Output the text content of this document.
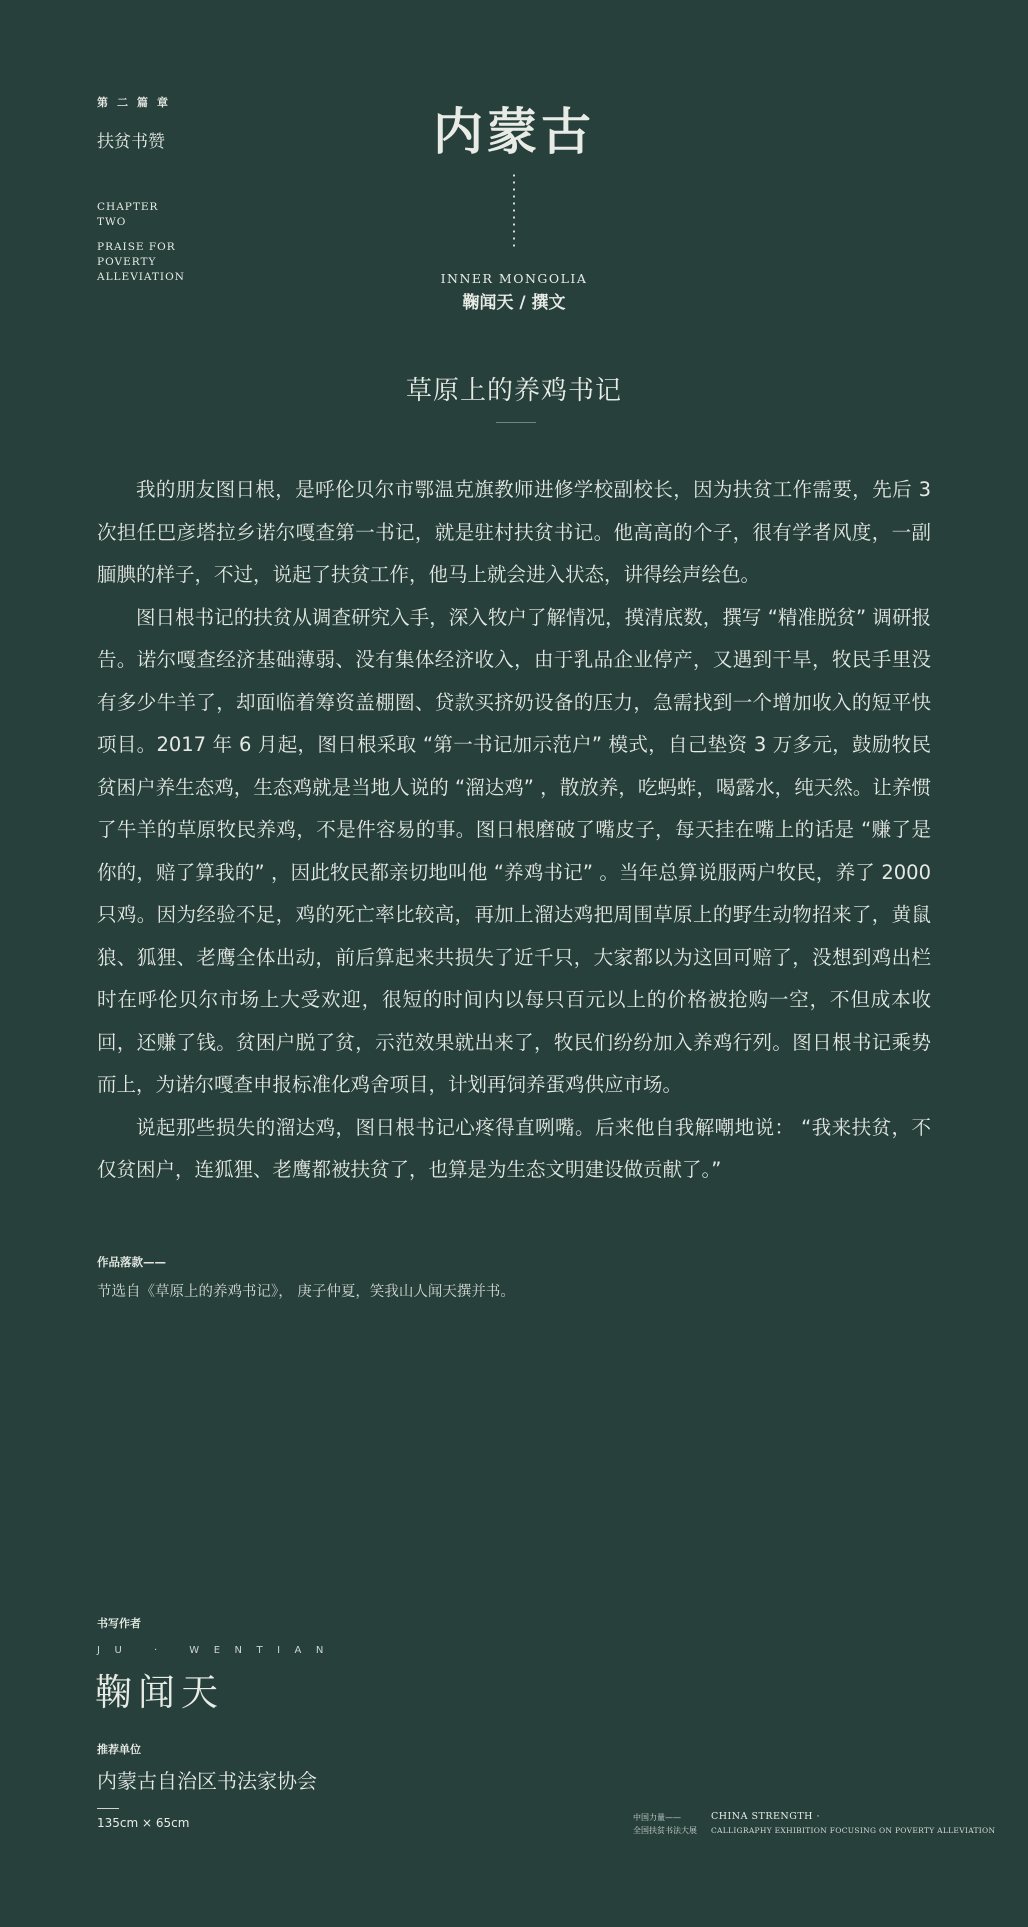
第二篇章
扶贫书赞
CHAPTER
TWO
PRAISE FOR
POVERTY
ALLEVIATION
内蒙古
INNER MONGOLIA
鞠闻天 / 撰文
草原上的养鸡书记

我的朋友图日根，是呼伦贝尔市鄂温克旗教师进修学校副校长，因为扶贫工作需要，先后 3 次担任巴彦塔拉乡诺尔嘎查第一书记，就是驻村扶贫书记。他高高的个子，很有学者风度，一副腼腆的样子，不过，说起了扶贫工作，他马上就会进入状态，讲得绘声绘色。

图日根书记的扶贫从调查研究入手，深入牧户了解情况，摸清底数，撰写 “精准脱贫” 调研报告。诺尔嘎查经济基础薄弱、没有集体经济收入，由于乳品企业停产，又遇到干旱，牧民手里没有多少牛羊了，却面临着筹资盖棚圈、贷款买挤奶设备的压力，急需找到一个增加收入的短平快项目。2017 年 6 月起，图日根采取 “第一书记加示范户” 模式，自己垫资 3 万多元，鼓励牧民贫困户养生态鸡，生态鸡就是当地人说的 “溜达鸡” ，散放养，吃蚂蚱，喝露水，纯天然。让养惯了牛羊的草原牧民养鸡，不是件容易的事。图日根磨破了嘴皮子，每天挂在嘴上的话是 “赚了是你的，赔了算我的” ，因此牧民都亲切地叫他 “养鸡书记” 。当年总算说服两户牧民，养了 2000 只鸡。因为经验不足，鸡的死亡率比较高，再加上溜达鸡把周围草原上的野生动物招来了，黄鼠狼、狐狸、老鹰全体出动，前后算起来共损失了近千只，大家都以为这回可赔了，没想到鸡出栏时在呼伦贝尔市场上大受欢迎，很短的时间内以每只百元以上的价格被抢购一空，不但成本收回，还赚了钱。贫困户脱了贫，示范效果就出来了，牧民们纷纷加入养鸡行列。图日根书记乘势而上，为诺尔嘎查申报标准化鸡舍项目，计划再饲养蛋鸡供应市场。

说起那些损失的溜达鸡，图日根书记心疼得直咧嘴。后来他自我解嘲地说： “我来扶贫，不仅贫困户，连狐狸、老鹰都被扶贫了，也算是为生态文明建设做贡献了。”

作品落款——
节选自《草原上的养鸡书记》， 庚子仲夏，笑我山人闻天撰并书。
书写作者
JU · WENTIAN
鞠闻天
推荐单位
内蒙古自治区书法家协会
135cm × 65cm	中国力量——
全国扶贫书法大展
CHINA STRENGTH ·
CALLIGRAPHY EXHIBITION FOCUSING ON POVERTY ALLEVIATION
